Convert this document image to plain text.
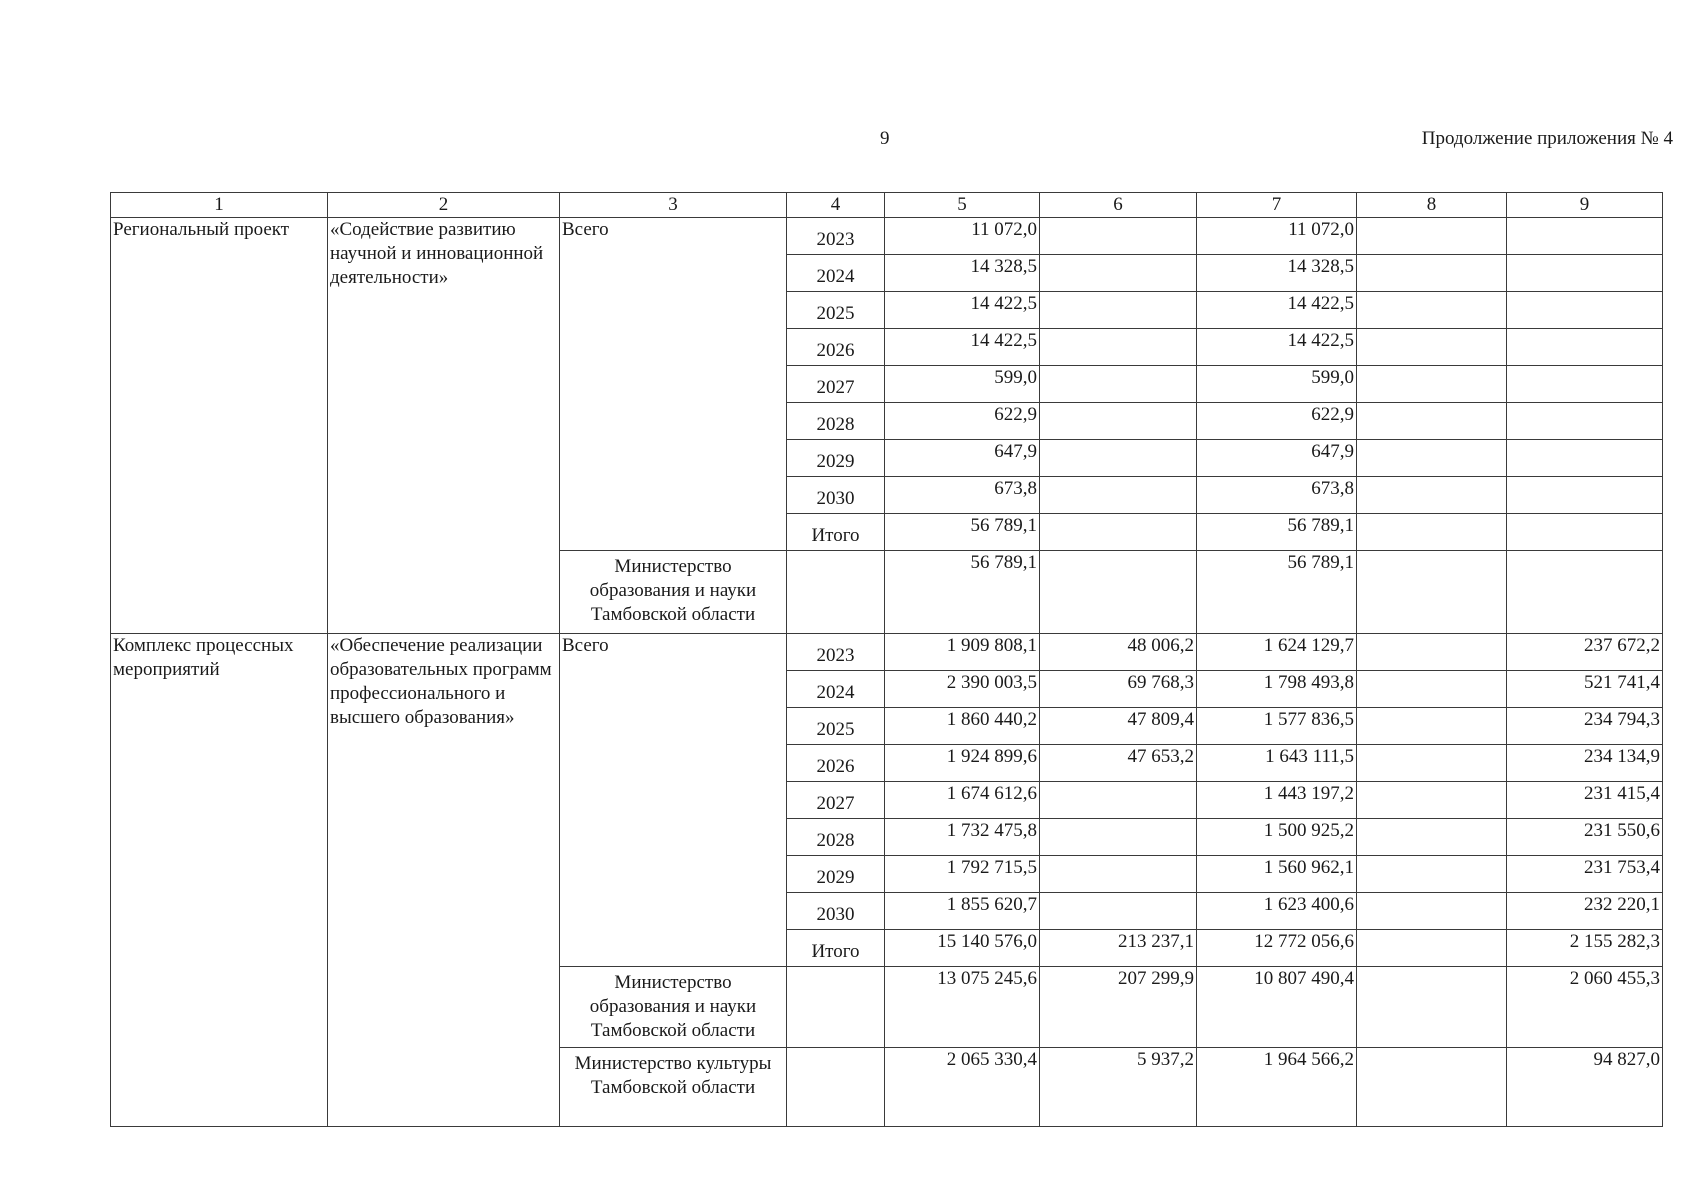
9	Продолжение приложения № 4
1	2	3	4	5	6	7	8	9
Региональный проект	«Содействие развитию научной и инновационной деятельности»	Всего	2023	11 072,0		11 072,0		
			2024	14 328,5		14 328,5		
			2025	14 422,5		14 422,5		
			2026	14 422,5		14 422,5		
			2027	599,0		599,0		
			2028	622,9		622,9		
			2029	647,9		647,9		
			2030	673,8		673,8		
			Итого	56 789,1		56 789,1		
		Министерство образования и науки Тамбовской области		56 789,1		56 789,1		
Комплекс процессных мероприятий	«Обеспечение реализации образовательных программ профессионального и высшего образования»	Всего	2023	1 909 808,1	48 006,2	1 624 129,7		237 672,2
			2024	2 390 003,5	69 768,3	1 798 493,8		521 741,4
			2025	1 860 440,2	47 809,4	1 577 836,5		234 794,3
			2026	1 924 899,6	47 653,2	1 643 111,5		234 134,9
			2027	1 674 612,6		1 443 197,2		231 415,4
			2028	1 732 475,8		1 500 925,2		231 550,6
			2029	1 792 715,5		1 560 962,1		231 753,4
			2030	1 855 620,7		1 623 400,6		232 220,1
			Итого	15 140 576,0	213 237,1	12 772 056,6		2 155 282,3
		Министерство образования и науки Тамбовской области		13 075 245,6	207 299,9	10 807 490,4		2 060 455,3
		Министерство культуры Тамбовской области		2 065 330,4	5 937,2	1 964 566,2		94 827,0
